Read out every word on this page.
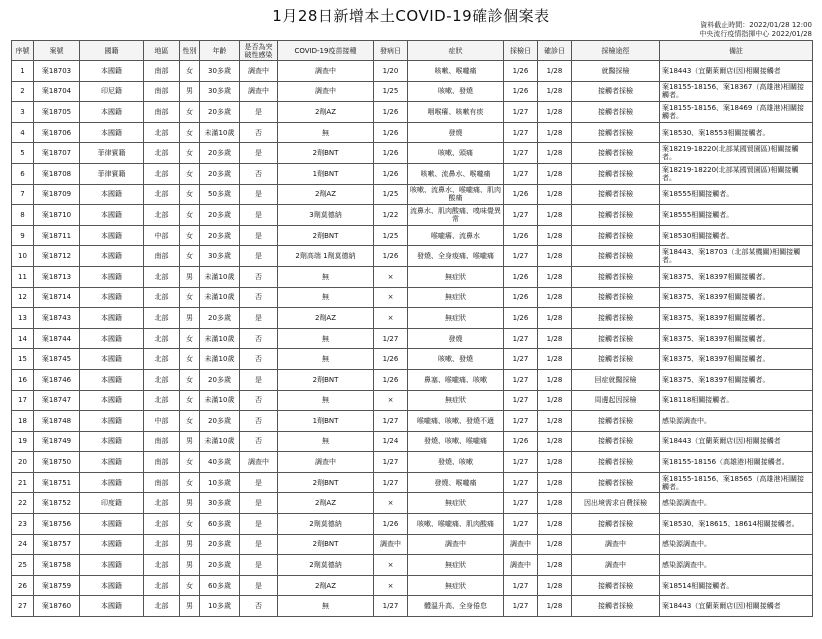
1月28日新增本土COVID-19確診個案表	資料截止時間：2022/01/28 12:00
中央流行疫情指揮中心 2022/01/28
序號	案號	國籍	地區	性別	年齡	是否為突破性感染	COVID-19疫苗接種	發病日	症狀	採檢日	確診日	採檢途徑	備註
1	案18703	本國籍	南部	女	30多歲	調查中	調查中	1/20	咳嗽、喉嚨痛	1/26	1/28	就醫採檢	案18443（宜蘭萊爾店(因)相關接觸者
2	案18704	印尼籍	南部	男	30多歲	調查中	調查中	1/25	咳嗽、發燒	1/26	1/28	接觸者採檢	案18155-18156、案18367（高雄港)相關接觸者。
3	案18705	本國籍	南部	女	20多歲	是	2劑AZ	1/26	咽喉癢、咳嗽有痰	1/27	1/28	接觸者採檢	案18155-18156、案18469（高雄港)相關接觸者。
4	案18706	本國籍	北部	女	未滿10歲	否	無	1/26	發燒	1/27	1/28	接觸者採檢	案18530、案18553相關接觸者。
5	案18707	菲律賓籍	北部	女	20多歲	是	2劑BNT	1/26	咳嗽、頭痛	1/27	1/28	接觸者採檢	案18219-18220(北部某國貿園區)相關接觸者。
6	案18708	菲律賓籍	北部	女	20多歲	否	1劑BNT	1/26	咳嗽、流鼻水、喉嚨痛	1/27	1/28	接觸者採檢	案18219-18220(北部某國貿園區)相關接觸者。
7	案18709	本國籍	北部	女	50多歲	是	2劑AZ	1/25	咳嗽、流鼻水、喉嚨痛、肌肉酸痛	1/26	1/28	接觸者採檢	案18555相關接觸者。
8	案18710	本國籍	北部	女	20多歲	是	3劑莫德納	1/22	流鼻水、肌肉酸痛、嗅味覺異常	1/27	1/28	接觸者採檢	案18555相關接觸者。
9	案18711	本國籍	中部	女	20多歲	是	2劑BNT	1/25	喉嚨癢、流鼻水	1/26	1/28	接觸者採檢	案18530相關接觸者。
10	案18712	本國籍	南部	女	30多歲	是	2劑高端 1劑莫德納	1/26	發燒、全身痠痛、喉嚨痛	1/27	1/28	接觸者採檢	案18443、案18703（北部某機關)相關接觸者。
11	案18713	本國籍	北部	男	未滿10歲	否	無	×	無症狀	1/26	1/28	接觸者採檢	案18375、案18397相關接觸者。
12	案18714	本國籍	北部	女	未滿10歲	否	無	×	無症狀	1/26	1/28	接觸者採檢	案18375、案18397相關接觸者。
13	案18743	本國籍	北部	男	20多歲	是	2劑AZ	×	無症狀	1/26	1/28	接觸者採檢	案18375、案18397相關接觸者。
14	案18744	本國籍	北部	女	未滿10歲	否	無	1/27	發燒	1/27	1/28	接觸者採檢	案18375、案18397相關接觸者。
15	案18745	本國籍	北部	女	未滿10歲	否	無	1/26	咳嗽、發燒	1/27	1/28	接觸者採檢	案18375、案18397相關接觸者。
16	案18746	本國籍	北部	女	20多歲	是	2劑BNT	1/26	鼻塞、喉嚨痛、咳嗽	1/27	1/28	回症就醫採檢	案18375、案18397相關接觸者。
17	案18747	本國籍	北部	女	未滿10歲	否	無	×	無症狀	1/27	1/28	周邊起因採檢	案18118相關接觸者。
18	案18748	本國籍	中部	女	20多歲	否	1劑BNT	1/27	喉嚨痛、咳嗽、發燒不適	1/27	1/28	接觸者採檢	感染源調查中。
19	案18749	本國籍	南部	男	未滿10歲	否	無	1/24	發燒、咳嗽、喉嚨痛	1/26	1/28	接觸者採檢	案18443（宜蘭萊爾店(因)相關接觸者
20	案18750	本國籍	南部	女	40多歲	調查中	調查中	1/27	發燒、咳嗽	1/27	1/28	接觸者採檢	案18155-18156（高雄港)相關接觸者。
21	案18751	本國籍	南部	女	10多歲	是	2劑BNT	1/27	發燒、喉嚨痛	1/27	1/28	接觸者採檢	案18155-18156、案18565（高雄港)相關接觸者。
22	案18752	印度籍	北部	男	30多歲	是	2劑AZ	×	無症狀	1/27	1/28	因出境需求自費採檢	感染源調查中。
23	案18756	本國籍	北部	女	60多歲	是	2劑莫德納	1/26	咳嗽、喉嚨痛、肌肉酸痛	1/27	1/28	接觸者採檢	案18530、案18615、18614相關接觸者。
24	案18757	本國籍	北部	男	20多歲	是	2劑BNT	調查中	調查中	調查中	1/28	調查中	感染源調查中。
25	案18758	本國籍	北部	男	20多歲	是	2劑莫德納	×	無症狀	調查中	1/28	調查中	感染源調查中。
26	案18759	本國籍	北部	女	60多歲	是	2劑AZ	×	無症狀	1/27	1/28	接觸者採檢	案18514相關接觸者。
27	案18760	本國籍	北部	男	10多歲	否	無	1/27	體溫升高、全身倦怠	1/27	1/28	接觸者採檢	案18443（宜蘭萊爾店(因)相關接觸者
